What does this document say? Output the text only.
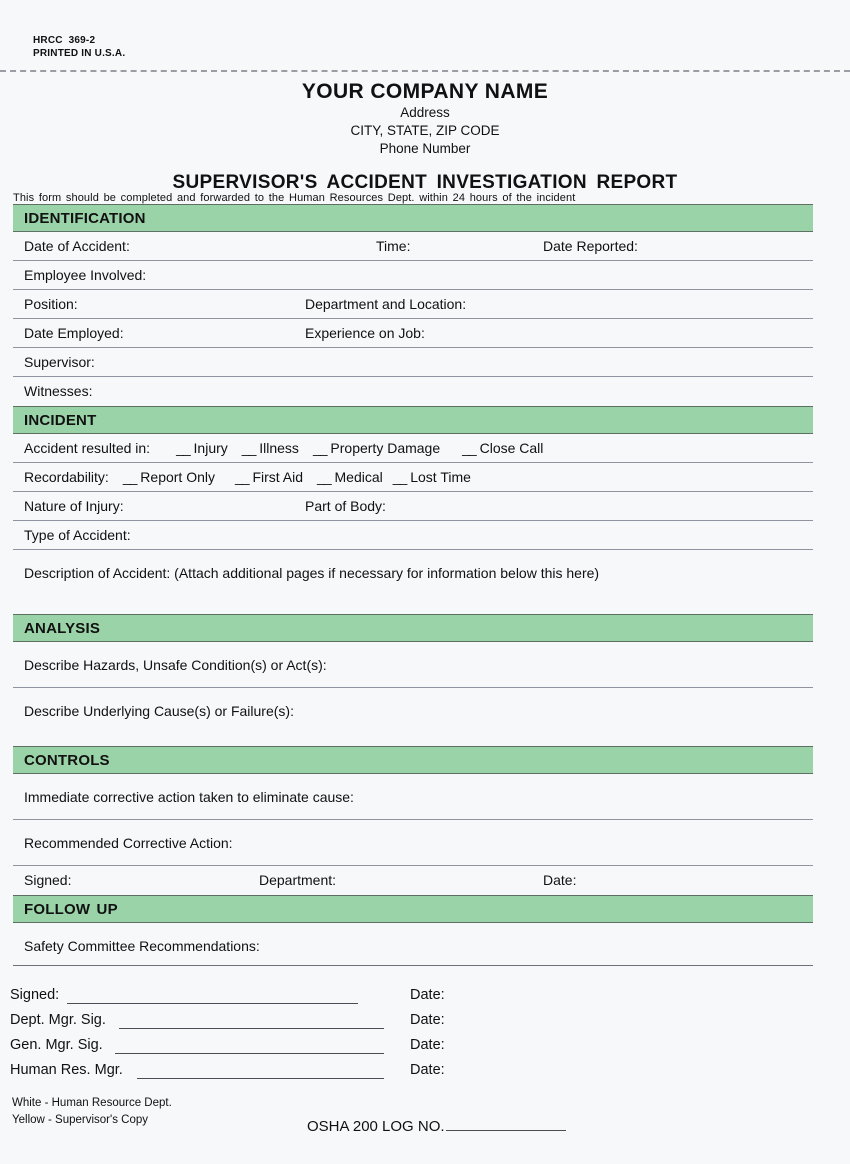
HRCC  369-2
PRINTED IN U.S.A.
YOUR COMPANY NAME
Address
CITY, STATE, ZIP CODE
Phone Number
SUPERVISOR'S ACCIDENT INVESTIGATION REPORT
This form should be completed and forwarded to the Human Resources Dept. within 24 hours of the incident
IDENTIFICATION
Date of Accident:	Time:	Date Reported:
Employee Involved:
Position:	Department and Location:
Date Employed:	Experience on Job:
Supervisor:
Witnesses:
INCIDENT
Accident resulted in: __ Injury __ Illness __ Property Damage __ Close Call
Recordability: __ Report Only __ First Aid __ Medical __ Lost Time
Nature of Injury:	Part of Body:
Type of Accident:
Description of Accident: (Attach additional pages if necessary for information below this here)
ANALYSIS
Describe Hazards, Unsafe Condition(s) or Act(s):
Describe Underlying Cause(s) or Failure(s):
CONTROLS
Immediate corrective action taken to eliminate cause:
Recommended Corrective Action:
Signed:	Department:	Date:
FOLLOW UP
Safety Committee Recommendations:
Signed:	Date:
Dept. Mgr. Sig.	Date:
Gen. Mgr. Sig.	Date:
Human Res. Mgr.	Date:
White - Human Resource Dept.
Yellow - Supervisor's Copy	OSHA 200 LOG NO.
